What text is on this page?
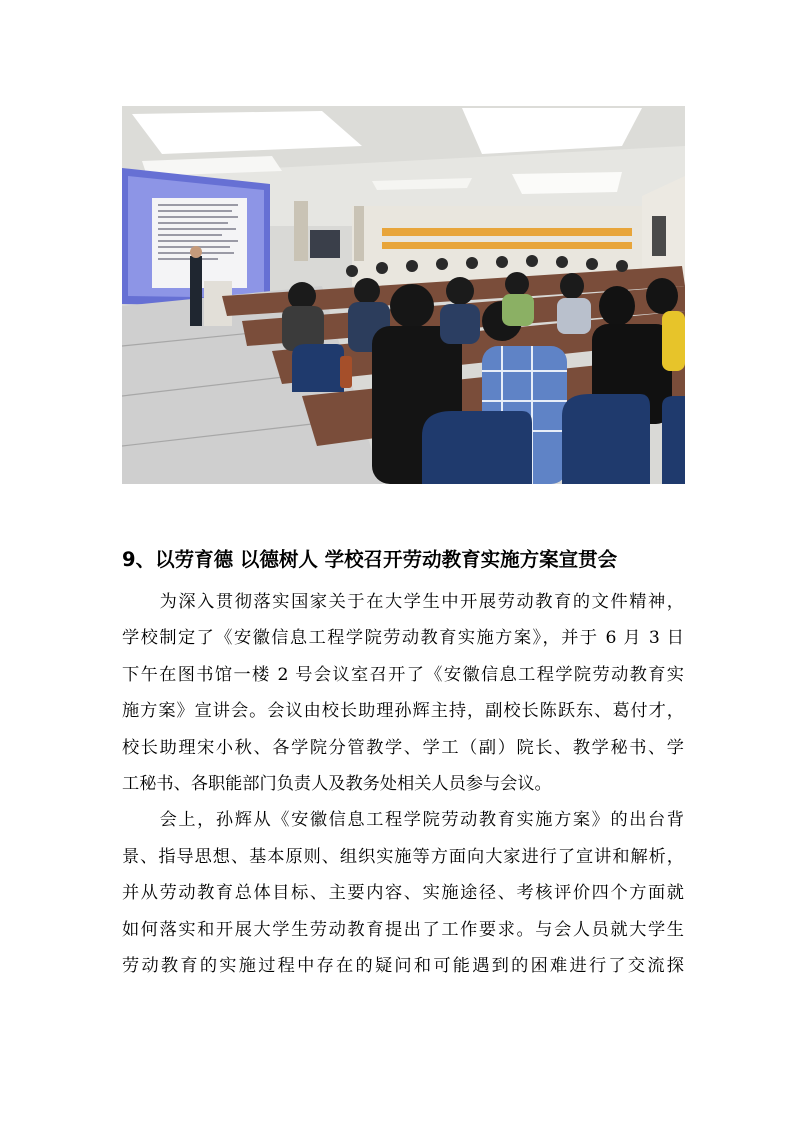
9、以劳育德 以德树人 学校召开劳动教育实施方案宣贯会

　　为深入贯彻落实国家关于在大学生中开展劳动教育的文件精神，
学校制定了《安徽信息工程学院劳动教育实施方案》，并于 6 月 3 日
下午在图书馆一楼 2 号会议室召开了《安徽信息工程学院劳动教育实
施方案》宣讲会。会议由校长助理孙辉主持，副校长陈跃东、葛付才，
校长助理宋小秋、各学院分管教学、学工（副）院长、教学秘书、学
工秘书、各职能部门负责人及教务处相关人员参与会议。

　　会上，孙辉从《安徽信息工程学院劳动教育实施方案》的出台背
景、指导思想、基本原则、组织实施等方面向大家进行了宣讲和解析，
并从劳动教育总体目标、主要内容、实施途径、考核评价四个方面就
如何落实和开展大学生劳动教育提出了工作要求。与会人员就大学生
劳动教育的实施过程中存在的疑问和可能遇到的困难进行了交流探
